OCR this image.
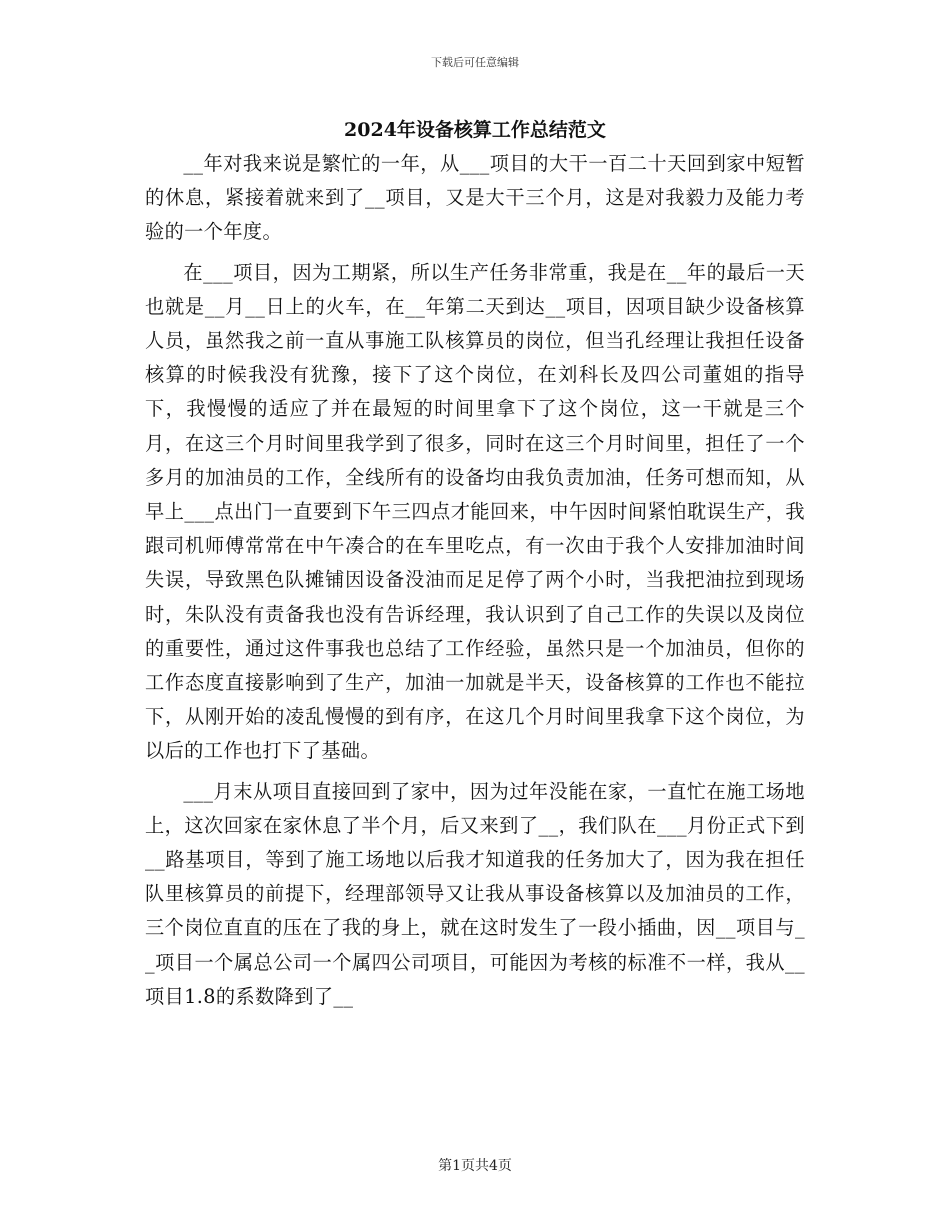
下载后可任意编辑
2024年设备核算工作总结范文

__年对我来说是繁忙的一年，从___项目的大干一百二十天回到家中短暂的休息，紧接着就来到了__项目，又是大干三个月，这是对我毅力及能力考验的一个年度。

在___项目，因为工期紧，所以生产任务非常重，我是在__年的最后一天也就是__月__日上的火车，在__年第二天到达__项目，因项目缺少设备核算人员，虽然我之前一直从事施工队核算员的岗位，但当孔经理让我担任设备核算的时候我没有犹豫，接下了这个岗位，在刘科长及四公司董姐的指导下，我慢慢的适应了并在最短的时间里拿下了这个岗位，这一干就是三个月，在这三个月时间里我学到了很多，同时在这三个月时间里，担任了一个多月的加油员的工作，全线所有的设备均由我负责加油，任务可想而知，从早上___点出门一直要到下午三四点才能回来，中午因时间紧怕耽误生产，我跟司机师傅常常在中午凑合的在车里吃点，有一次由于我个人安排加油时间失误，导致黑色队摊铺因设备没油而足足停了两个小时，当我把油拉到现场时，朱队没有责备我也没有告诉经理，我认识到了自己工作的失误以及岗位的重要性，通过这件事我也总结了工作经验，虽然只是一个加油员，但你的工作态度直接影响到了生产，加油一加就是半天，设备核算的工作也不能拉下，从刚开始的凌乱慢慢的到有序，在这几个月时间里我拿下这个岗位，为以后的工作也打下了基础。

___月末从项目直接回到了家中，因为过年没能在家，一直忙在施工场地上，这次回家在家休息了半个月，后又来到了__，我们队在___月份正式下到__路基项目，等到了施工场地以后我才知道我的任务加大了，因为我在担任队里核算员的前提下，经理部领导又让我从事设备核算以及加油员的工作，三个岗位直直的压在了我的身上，就在这时发生了一段小插曲，因__项目与__项目一个属总公司一个属四公司项目，可能因为考核的标准不一样，我从__项目1.8的系数降到了__

第1页共4页
